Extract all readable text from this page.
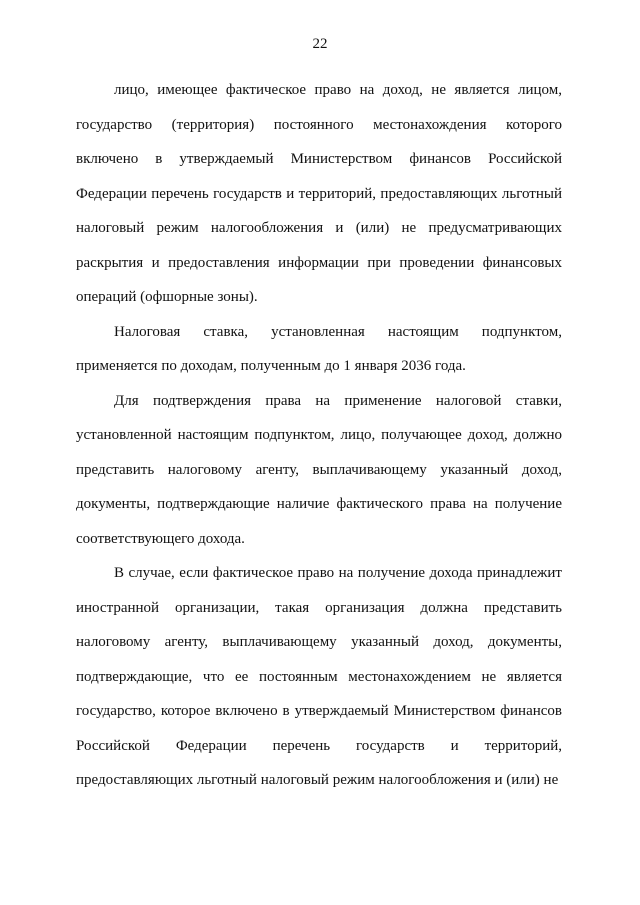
22

лицо, имеющее фактическое право на доход, не является лицом, государство (территория) постоянного местонахождения которого включено в утверждаемый Министерством финансов Российской Федерации перечень государств и территорий, предоставляющих льготный налоговый режим налогообложения и (или) не предусматривающих раскрытия и предоставления информации при проведении финансовых операций (офшорные зоны).

Налоговая ставка, установленная настоящим подпунктом, применяется по доходам, полученным до 1 января 2036 года.

Для подтверждения права на применение налоговой ставки, установленной настоящим подпунктом, лицо, получающее доход, должно представить налоговому агенту, выплачивающему указанный доход, документы, подтверждающие наличие фактического права на получение соответствующего дохода.

В случае, если фактическое право на получение дохода принадлежит иностранной организации, такая организация должна представить налоговому агенту, выплачивающему указанный доход, документы, подтверждающие, что ее постоянным местонахождением не является государство, которое включено в утверждаемый Министерством финансов Российской Федерации перечень государств и территорий, предоставляющих льготный налоговый режим налогообложения и (или) не
